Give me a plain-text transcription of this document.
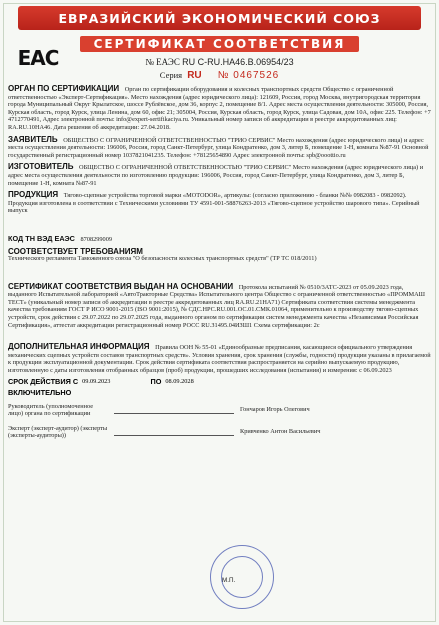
ЕВРАЗИЙСКИЙ ЭКОНОМИЧЕСКИЙ СОЮЗ
ЕАС
СЕРТИФИКАТ СООТВЕТСТВИЯ
№ ЕАЭС RU C-RU.HA46.B.06954/23
Серия RU № 0467526
ОРГАН ПО СЕРТИФИКАЦИИ Орган по сертификации оборудования и колесных транспортных средств Общество с ограниченной ответственностью «Эксперт-Сертификация». Место нахождения (адрес юридического лица): 121609, Россия, город Москва, внутригородская территория города Муниципальный Округ Крылатское, шоссе Рублёвское, дом 36, корпус 2, помещение 8/1. Адрес места осуществления деятельности: 305000, Россия, Курская область, город Курск, улица Ленина, дом 60, офис 21; 305004, Россия, Курская область, город Курск, улица Садовая, дом 10А, офис 225. Телефон: +7 4712770491, Адрес электронной почты: info@expert-sertifikaciya.ru. Уникальный номер записи об аккредитации в реестре аккредитованных лиц: RA.RU.10HA46. Дата решения об аккредитации: 27.04.2018.
ЗАЯВИТЕЛЬ ОБЩЕСТВО С ОГРАНИЧЕННОЙ ОТВЕТСТВЕННОСТЬЮ "ТРИО СЕРВИС" Место нахождения (адрес юридического лица) и адрес места осуществления деятельности: 196006, Россия, город Санкт-Петербург, улица Кондратенко, дом 3, литер Б, помещение 1-Н, комната №87-91 Основной государственный регистрационный номер 1037821041235. Телефон: +78125654890 Адрес электронной почты: spb@ooottio.ru
ИЗГОТОВИТЕЛЬ ОБЩЕСТВО С ОГРАНИЧЕННОЙ ОТВЕТСТВЕННОСТЬЮ "ТРИО СЕРВИС" Место нахождения (адрес юридического лица) и адрес места осуществления деятельности по изготовлению продукции: 196006, Россия, город Санкт-Петербург, улица Кондратенко, дом 3, литер Б, помещение 1-Н, комната №87-91
ПРОДУКЦИЯ Тягово-сцепные устройства торговой марки «MOTODOR», артикулы: (согласно приложению - бланки №№ 0982083 - 0982092). Продукция изготовлена в соответствии с Техническими условиями ТУ 4591-001-58876263-2013 «Тягово-сцепное устройство шарового типа». Серийный выпуск
КОД ТН ВЭД ЕАЭС 8708299009
СООТВЕТСТВУЕТ ТРЕБОВАНИЯМ
Технического регламента Таможенного союза "О безопасности колесных транспортных средств" (ТР ТС 018/2011)
СЕРТИФИКАТ СООТВЕТСТВИЯ ВЫДАН НА ОСНОВАНИИ Протокола испытаний № 0510/3АТС-2023 от 05.09.2023 года, выданного Испытательной лабораторией «АвтоТракторные Средства» Испытательного центра Общество с ограниченной ответственностью «ПРОММАШ ТЕСТ» (уникальный номер записи об аккредитации в реестре аккредитованных лиц RA.RU.21HA71) Сертификата соответствия системы менеджмента качества требованиям ГОСТ Р ИСО 9001-2015 (ISO 9001:2015), № СДС.НРС.RU.001.ОС.01.СМК.01064, применительно к производству тягово-сцепных устройств, срок действия с 29.07.2022 по 29.07.2025 года, выданного органом по сертификации систем менеджмента качества «Независимая Российская Сертификация», аттестат аккредитации регистрационный номер РОСС RU.З1495.04ИЗШ1 Схема сертификации: 2с
ДОПОЛНИТЕЛЬНАЯ ИНФОРМАЦИЯ Правила ООН № 55-01 «Единообразные предписания, касающиеся официального утверждения механических сцепных устройств составов транспортных средств». Условия хранения, срок хранения (службы, годности) продукции указаны в прилагаемой к продукции эксплуатационной документации. Срок действия сертификата соответствия распространяется на серийно выпускаемую продукцию, изготовленную с даты изготовления отобранных образцов (проб) продукции, прошедших исследования (испытания) и измерения: с 06.09.2023
СРОК ДЕЙСТВИЯ С 09.09.2023	ПО 08.09.2028
ВКЛЮЧИТЕЛЬНО
Руководитель (уполномоченное лицо) органа по сертификации	Гончаров Игорь Олегович
Эксперт (эксперт-аудитор) (эксперты (эксперты-аудиторы))	Кривченко Антон Васильевич
М.П.
